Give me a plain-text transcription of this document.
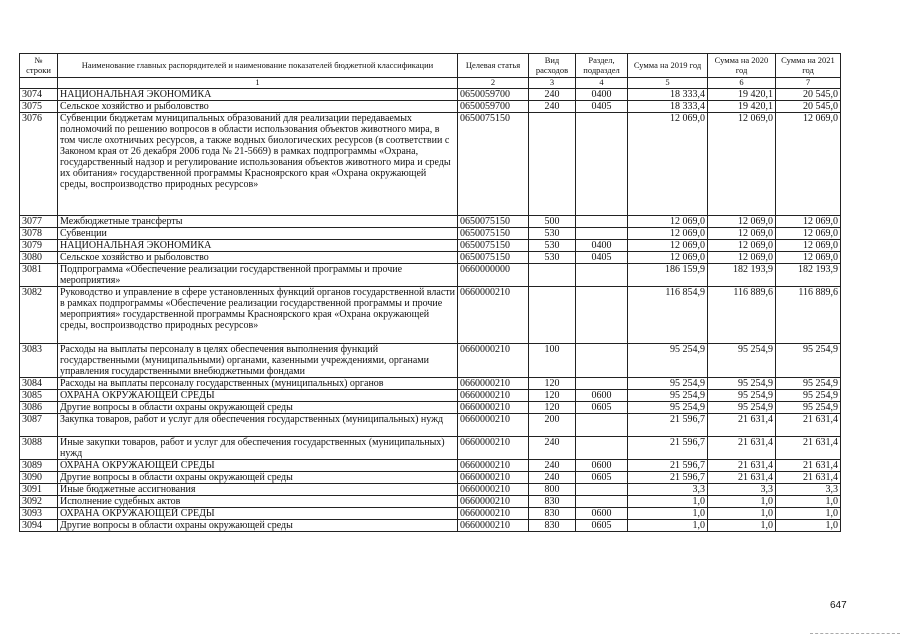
№ строки	Наименование главных распорядителей и наименование показателей бюджетной классификации	Целевая статья	Вид расходов	Раздел, подраздел	Сумма на 2019 год	Сумма на 2020 год	Сумма на 2021 год
	1	2	3	4	5	6	7
3074	НАЦИОНАЛЬНАЯ ЭКОНОМИКА	0650059700	240	0400	18 333,4	19 420,1	20 545,0
3075	Сельское хозяйство и рыболовство	0650059700	240	0405	18 333,4	19 420,1	20 545,0
3076	Субвенции бюджетам муниципальных образований для реализации передаваемых полномочий по решению вопросов в области использования объектов животного мира, в том числе охотничьих ресурсов, а также водных биологических ресурсов (в соответствии с Законом края от 26 декабря 2006 года № 21-5669) в рамках подпрограммы «Охрана, государственный надзор и регулирование использования объектов животного мира и среды их обитания» государственной программы Красноярского края «Охрана окружающей среды, воспроизводство природных ресурсов»	0650075150			12 069,0	12 069,0	12 069,0
3077	Межбюджетные трансферты	0650075150	500		12 069,0	12 069,0	12 069,0
3078	Субвенции	0650075150	530		12 069,0	12 069,0	12 069,0
3079	НАЦИОНАЛЬНАЯ ЭКОНОМИКА	0650075150	530	0400	12 069,0	12 069,0	12 069,0
3080	Сельское хозяйство и рыболовство	0650075150	530	0405	12 069,0	12 069,0	12 069,0
3081	Подпрограмма «Обеспечение реализации государственной программы и прочие мероприятия»	0660000000			186 159,9	182 193,9	182 193,9
3082	Руководство и управление в сфере установленных функций органов государственной власти в рамках подпрограммы «Обеспечение реализации государственной программы и прочие мероприятия» государственной программы Красноярского края «Охрана окружающей среды, воспроизводство природных ресурсов»	0660000210			116 854,9	116 889,6	116 889,6
3083	Расходы на выплаты персоналу в целях обеспечения выполнения функций государственными (муниципальными) органами, казенными учреждениями, органами управления государственными внебюджетными фондами	0660000210	100		95 254,9	95 254,9	95 254,9
3084	Расходы на выплаты персоналу государственных (муниципальных) органов	0660000210	120		95 254,9	95 254,9	95 254,9
3085	ОХРАНА ОКРУЖАЮЩЕЙ СРЕДЫ	0660000210	120	0600	95 254,9	95 254,9	95 254,9
3086	Другие вопросы в области охраны окружающей среды	0660000210	120	0605	95 254,9	95 254,9	95 254,9
3087	Закупка товаров, работ и услуг для обеспечения государственных (муниципальных) нужд	0660000210	200		21 596,7	21 631,4	21 631,4
3088	Иные закупки товаров, работ и услуг для обеспечения государственных (муниципальных) нужд	0660000210	240		21 596,7	21 631,4	21 631,4
3089	ОХРАНА ОКРУЖАЮЩЕЙ СРЕДЫ	0660000210	240	0600	21 596,7	21 631,4	21 631,4
3090	Другие вопросы в области охраны окружающей среды	0660000210	240	0605	21 596,7	21 631,4	21 631,4
3091	Иные бюджетные ассигнования	0660000210	800		3,3	3,3	3,3
3092	Исполнение судебных актов	0660000210	830		1,0	1,0	1,0
3093	ОХРАНА ОКРУЖАЮЩЕЙ СРЕДЫ	0660000210	830	0600	1,0	1,0	1,0
3094	Другие вопросы в области охраны окружающей среды	0660000210	830	0605	1,0	1,0	1,0
647
